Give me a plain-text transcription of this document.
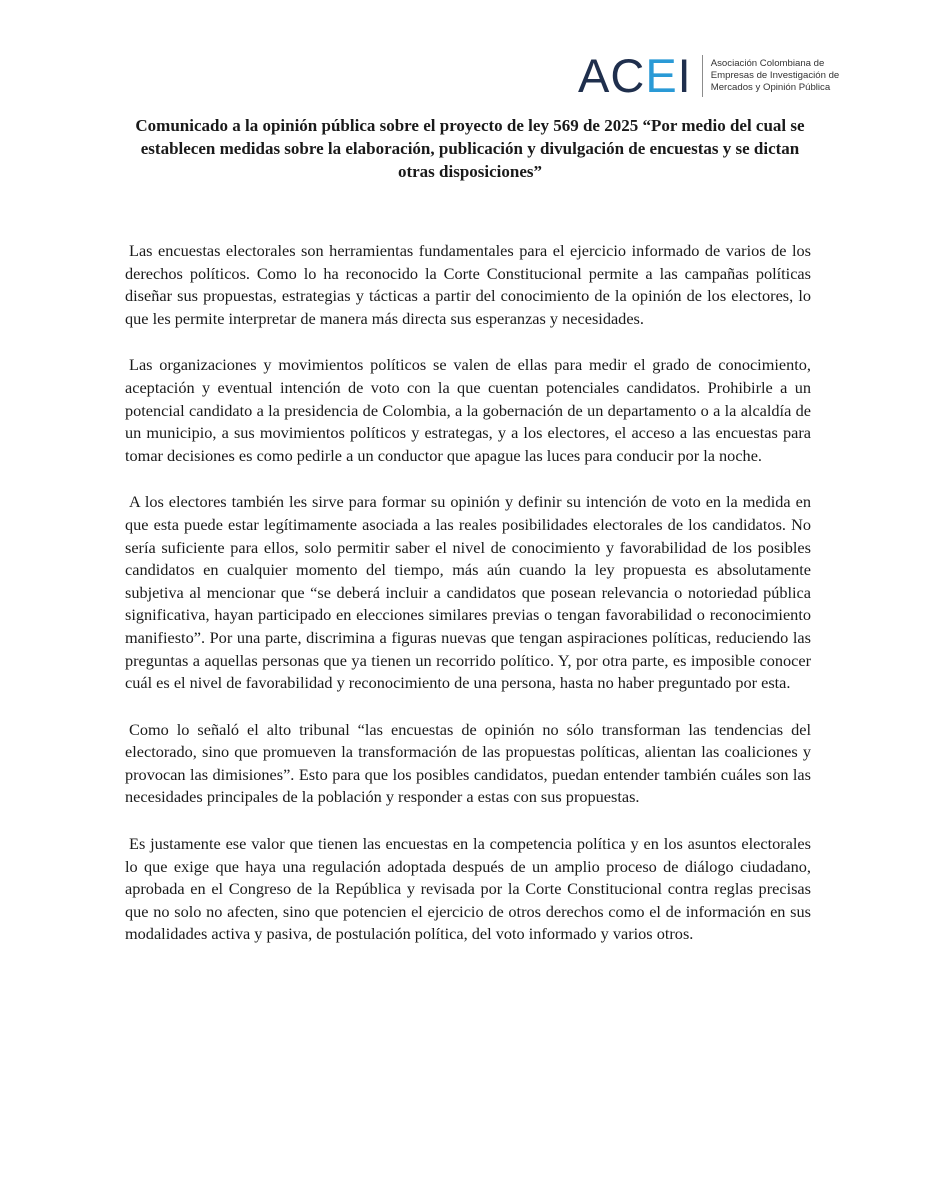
A C E I Asociación Colombiana de
Empresas de Investigación de
Mercados y Opinión Pública
Comunicado a la opinión pública sobre el proyecto de ley 569 de 2025 “Por medio del cual se establecen medidas sobre la elaboración, publicación y divulgación de encuestas y se dictan otras disposiciones”

Las encuestas electorales son herramientas fundamentales para el ejercicio informado de varios de los derechos políticos. Como lo ha reconocido la Corte Constitucional permite a las campañas políticas diseñar sus propuestas, estrategias y tácticas a partir del conocimiento de la opinión de los electores, lo que les permite interpretar de manera más directa sus esperanzas y necesidades.

Las organizaciones y movimientos políticos se valen de ellas para medir el grado de conocimiento, aceptación y eventual intención de voto con la que cuentan potenciales candidatos. Prohibirle a un potencial candidato a la presidencia de Colombia, a la gobernación de un departamento o a la alcaldía de un municipio, a sus movimientos políticos y estrategas, y a los electores, el acceso a las encuestas para tomar decisiones es como pedirle a un conductor que apague las luces para conducir por la noche.

A los electores también les sirve para formar su opinión y definir su intención de voto en la medida en que esta puede estar legítimamente asociada a las reales posibilidades electorales de los candidatos. No sería suficiente para ellos, solo permitir saber el nivel de conocimiento y favorabilidad de los posibles candidatos en cualquier momento del tiempo, más aún cuando la ley propuesta es absolutamente subjetiva al mencionar que “se deberá incluir a candidatos que posean relevancia o notoriedad pública significativa, hayan participado en elecciones similares previas o tengan favorabilidad o reconocimiento manifiesto”. Por una parte, discrimina a figuras nuevas que tengan aspiraciones políticas, reduciendo las preguntas a aquellas personas que ya tienen un recorrido político. Y, por otra parte, es imposible conocer cuál es el nivel de favorabilidad y reconocimiento de una persona, hasta no haber preguntado por esta.

Como lo señaló el alto tribunal “las encuestas de opinión no sólo transforman las tendencias del electorado, sino que promueven la transformación de las propuestas políticas, alientan las coaliciones y provocan las dimisiones”. Esto para que los posibles candidatos, puedan entender también cuáles son las necesidades principales de la población y responder a estas con sus propuestas.

Es justamente ese valor que tienen las encuestas en la competencia política y en los asuntos electorales lo que exige que haya una regulación adoptada después de un amplio proceso de diálogo ciudadano, aprobada en el Congreso de la República y revisada por la Corte Constitucional contra reglas precisas que no solo no afecten, sino que potencien el ejercicio de otros derechos como el de información en sus modalidades activa y pasiva, de postulación política, del voto informado y varios otros.
